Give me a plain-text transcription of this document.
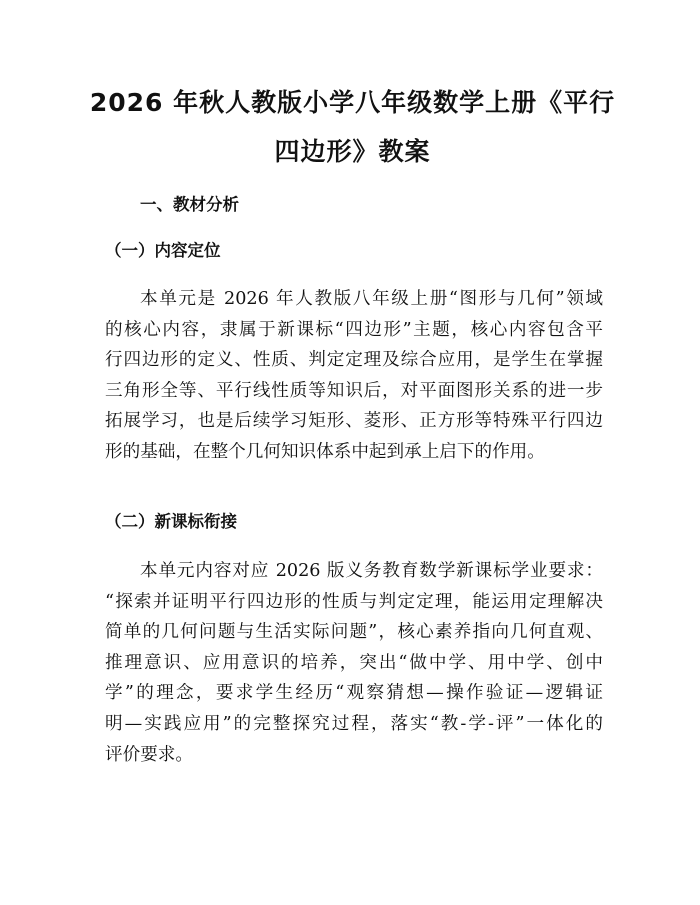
2026 年秋人教版小学八年级数学上册《平行
四边形》教案
一、教材分析
（一）内容定位
本单元是 2026 年人教版八年级上册“图形与几何”领域
的核心内容，隶属于新课标“四边形”主题，核心内容包含平
行四边形的定义、性质、判定定理及综合应用，是学生在掌握
三角形全等、平行线性质等知识后，对平面图形关系的进一步
拓展学习，也是后续学习矩形、菱形、正方形等特殊平行四边
形的基础，在整个几何知识体系中起到承上启下的作用。
（二）新课标衔接
本单元内容对应 2026 版义务教育数学新课标学业要求：
“探索并证明平行四边形的性质与判定定理，能运用定理解决
简单的几何问题与生活实际问题”，核心素养指向几何直观、
推理意识、应用意识的培养，突出“做中学、用中学、创中
学”的理念，要求学生经历“观察猜想—操作验证—逻辑证
明—实践应用”的完整探究过程，落实“教-学-评”一体化的
评价要求。
